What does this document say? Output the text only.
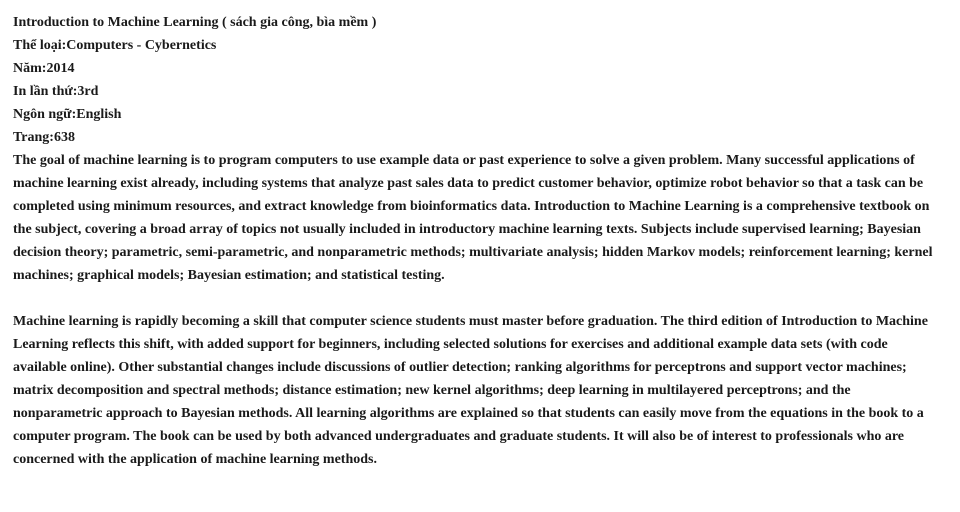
Introduction to Machine Learning ( sách gia công, bìa mềm )
Thể loại:Computers - Cybernetics
Năm:2014
In lần thứ:3rd
Ngôn ngữ:English
Trang:638

The goal of machine learning is to program computers to use example data or past experience to solve a given problem. Many successful applications of machine learning exist already, including systems that analyze past sales data to predict customer behavior, optimize robot behavior so that a task can be completed using minimum resources, and extract knowledge from bioinformatics data. Introduction to Machine Learning is a comprehensive textbook on the subject, covering a broad array of topics not usually included in introductory machine learning texts. Subjects include supervised learning; Bayesian decision theory; parametric, semi-parametric, and nonparametric methods; multivariate analysis; hidden Markov models; reinforcement learning; kernel machines; graphical models; Bayesian estimation; and statistical testing.

Machine learning is rapidly becoming a skill that computer science students must master before graduation. The third edition of Introduction to Machine Learning reflects this shift, with added support for beginners, including selected solutions for exercises and additional example data sets (with code available online). Other substantial changes include discussions of outlier detection; ranking algorithms for perceptrons and support vector machines; matrix decomposition and spectral methods; distance estimation; new kernel algorithms; deep learning in multilayered perceptrons; and the nonparametric approach to Bayesian methods. All learning algorithms are explained so that students can easily move from the equations in the book to a computer program. The book can be used by both advanced undergraduates and graduate students. It will also be of interest to professionals who are concerned with the application of machine learning methods.
